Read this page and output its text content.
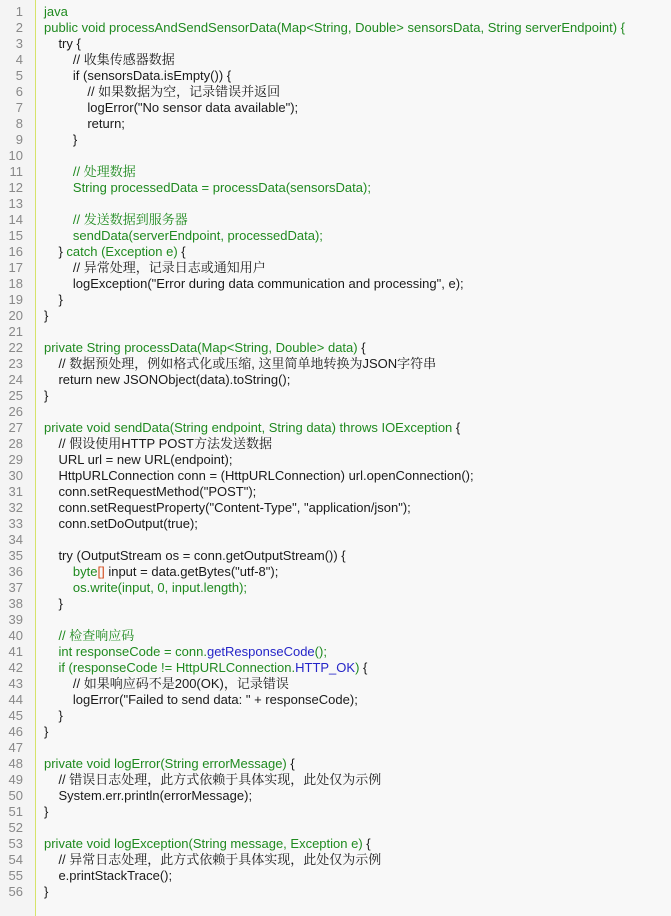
1
2
3
4
5
6
7
8
9
10
11
12
13
14
15
16
17
18
19
20
21
22
23
24
25
26
27
28
29
30
31
32
33
34
35
36
37
38
39
40
41
42
43
44
45
46
47
48
49
50
51
52
53
54
55
56
java
public void processAndSendSensorData(Map<String, Double> sensorsData, String serverEndpoint) {
try {
// 收集传感器数据
if (sensorsData.isEmpty()) {
// 如果数据为空，记录错误并返回
logError("No sensor data available");
return;
}
// 处理数据
String processedData = processData(sensorsData);
// 发送数据到服务器
sendData(serverEndpoint, processedData);
} catch (Exception e) {
// 异常处理，记录日志或通知用户
logException("Error during data communication and processing", e);
}
}
private String processData(Map<String, Double> data) {
// 数据预处理，例如格式化或压缩, 这里简单地转换为JSON字符串
return new JSONObject(data).toString();
}
private void sendData(String endpoint, String data) throws IOException {
// 假设使用HTTP POST方法发送数据
URL url = new URL(endpoint);
HttpURLConnection conn = (HttpURLConnection) url.openConnection();
conn.setRequestMethod("POST");
conn.setRequestProperty("Content-Type", "application/json");
conn.setDoOutput(true);
try (OutputStream os = conn.getOutputStream()) {
byte[] input = data.getBytes("utf-8");
os.write(input, 0, input.length);
}
// 检查响应码
int responseCode = conn.getResponseCode();
if (responseCode != HttpURLConnection.HTTP_OK) {
// 如果响应码不是200(OK)，记录错误
logError("Failed to send data: " + responseCode);
}
}
private void logError(String errorMessage) {
// 错误日志处理，此方式依赖于具体实现，此处仅为示例
System.err.println(errorMessage);
}
private void logException(String message, Exception e) {
// 异常日志处理，此方式依赖于具体实现，此处仅为示例
e.printStackTrace();
}
